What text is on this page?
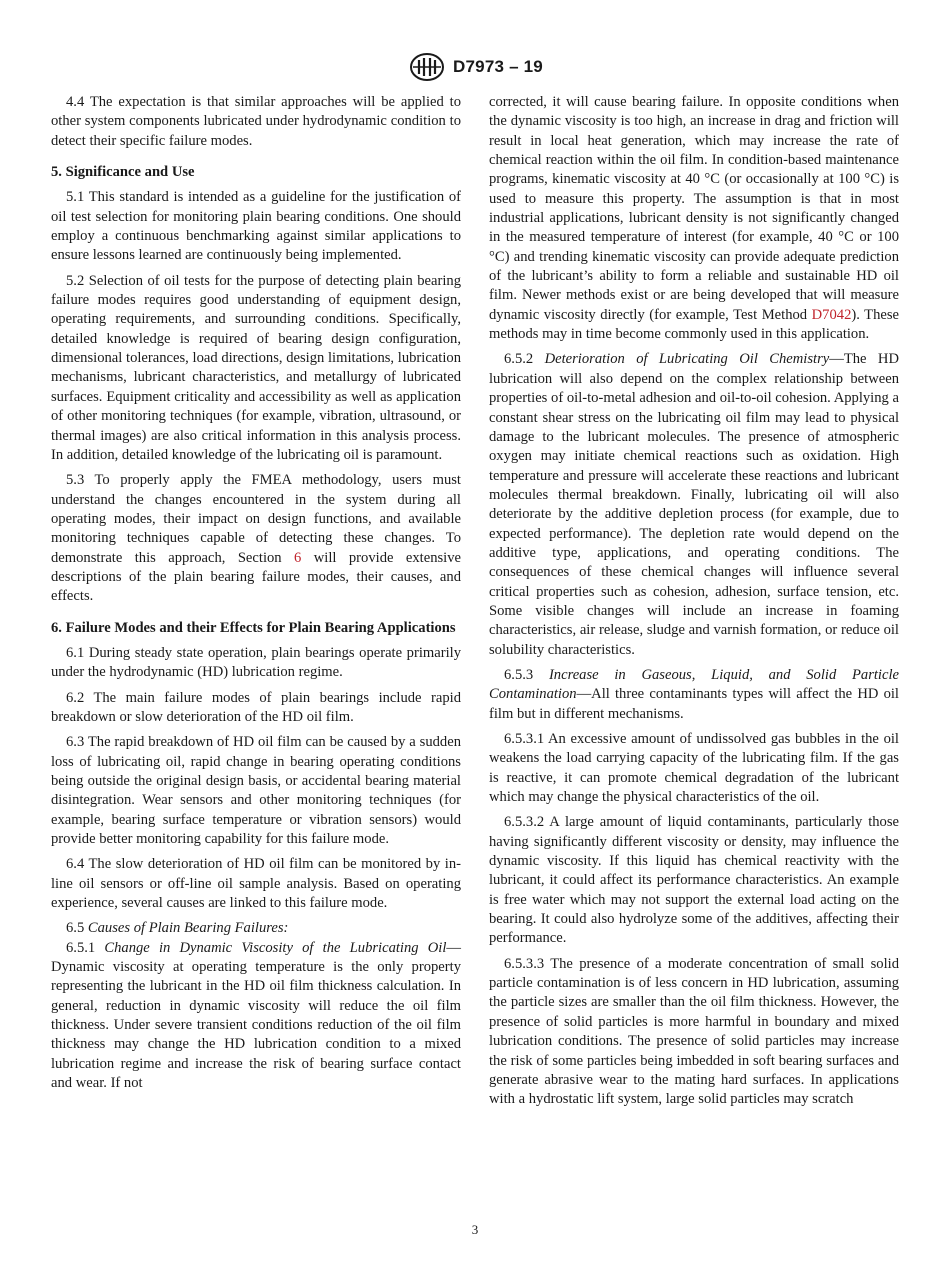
D7973 – 19

4.4 The expectation is that similar approaches will be applied to other system components lubricated under hydrodynamic condition to detect their specific failure modes.

5. Significance and Use

5.1 This standard is intended as a guideline for the justification of oil test selection for monitoring plain bearing conditions. One should employ a continuous benchmarking against similar applications to ensure lessons learned are continuously being implemented.

5.2 Selection of oil tests for the purpose of detecting plain bearing failure modes requires good understanding of equipment design, operating requirements, and surrounding conditions. Specifically, detailed knowledge is required of bearing design configuration, dimensional tolerances, load directions, design limitations, lubrication mechanisms, lubricant characteristics, and metallurgy of lubricated surfaces. Equipment criticality and accessibility as well as application of other monitoring techniques (for example, vibration, ultrasound, or thermal images) are also critical information in this analysis process. In addition, detailed knowledge of the lubricating oil is paramount.

5.3 To properly apply the FMEA methodology, users must understand the changes encountered in the system during all operating modes, their impact on design functions, and available monitoring techniques capable of detecting these changes. To demonstrate this approach, Section 6 will provide extensive descriptions of the plain bearing failure modes, their causes, and effects.

6. Failure Modes and their Effects for Plain Bearing Applications

6.1 During steady state operation, plain bearings operate primarily under the hydrodynamic (HD) lubrication regime.

6.2 The main failure modes of plain bearings include rapid breakdown or slow deterioration of the HD oil film.

6.3 The rapid breakdown of HD oil film can be caused by a sudden loss of lubricating oil, rapid change in bearing operating conditions being outside the original design basis, or accidental bearing material disintegration. Wear sensors and other monitoring techniques (for example, bearing surface temperature or vibration sensors) would provide better monitoring capability for this failure mode.

6.4 The slow deterioration of HD oil film can be monitored by in-line oil sensors or off-line oil sample analysis. Based on operating experience, several causes are linked to this failure mode.

6.5 Causes of Plain Bearing Failures:

6.5.1 Change in Dynamic Viscosity of the Lubricating Oil—Dynamic viscosity at operating temperature is the only property representing the lubricant in the HD oil film thickness calculation. In general, reduction in dynamic viscosity will reduce the oil film thickness. Under severe transient conditions reduction of the oil film thickness may change the HD lubrication condition to a mixed lubrication regime and increase the risk of bearing surface contact and wear. If not

corrected, it will cause bearing failure. In opposite conditions when the dynamic viscosity is too high, an increase in drag and friction will result in local heat generation, which may increase the rate of chemical reaction within the oil film. In condition-based maintenance programs, kinematic viscosity at 40 °C (or occasionally at 100 °C) is used to measure this property. The assumption is that in most industrial applications, lubricant density is not significantly changed in the measured temperature of interest (for example, 40 °C or 100 °C) and trending kinematic viscosity can provide adequate prediction of the lubricant’s ability to form a reliable and sustainable HD oil film. Newer methods exist or are being developed that will measure dynamic viscosity directly (for example, Test Method D7042). These methods may in time become commonly used in this application.

6.5.2 Deterioration of Lubricating Oil Chemistry—The HD lubrication will also depend on the complex relationship between properties of oil-to-metal adhesion and oil-to-oil cohesion. Applying a constant shear stress on the lubricating oil film may lead to physical damage to the lubricant molecules. The presence of atmospheric oxygen may initiate chemical reactions such as oxidation. High temperature and pressure will accelerate these reactions and lubricant molecules thermal breakdown. Finally, lubricating oil will also deteriorate by the additive depletion process (for example, due to expected performance). The depletion rate would depend on the additive type, applications, and operating conditions. The consequences of these chemical changes will influence several critical properties such as cohesion, adhesion, surface tension, etc. Some visible changes will include an increase in foaming characteristics, air release, sludge and varnish formation, or reduce oil solubility characteristics.

6.5.3 Increase in Gaseous, Liquid, and Solid Particle Contamination—All three contaminants types will affect the HD oil film but in different mechanisms.

6.5.3.1 An excessive amount of undissolved gas bubbles in the oil weakens the load carrying capacity of the lubricating film. If the gas is reactive, it can promote chemical degradation of the lubricant which may change the physical characteristics of the oil.

6.5.3.2 A large amount of liquid contaminants, particularly those having significantly different viscosity or density, may influence the dynamic viscosity. If this liquid has chemical reactivity with the lubricant, it could affect its performance characteristics. An example is free water which may not support the external load acting on the bearing. It could also hydrolyze some of the additives, affecting their performance.

6.5.3.3 The presence of a moderate concentration of small solid particle contamination is of less concern in HD lubrication, assuming the particle sizes are smaller than the oil film thickness. However, the presence of solid particles is more harmful in boundary and mixed lubrication conditions. The presence of solid particles may increase the risk of some particles being imbedded in soft bearing surfaces and generate abrasive wear to the mating hard surfaces. In applications with a hydrostatic lift system, large solid particles may scratch

3
